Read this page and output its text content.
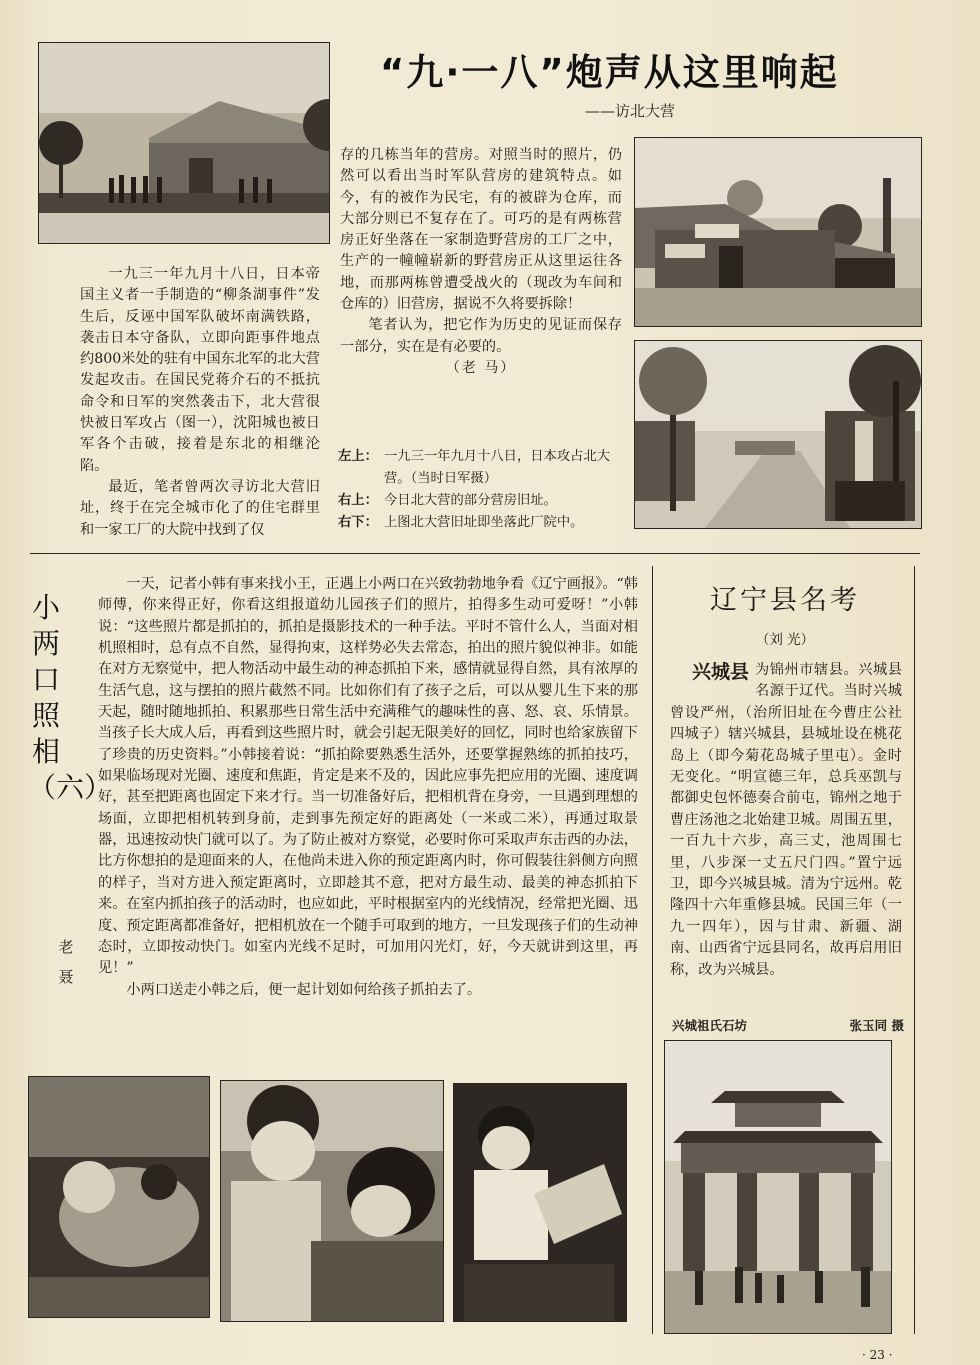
“九·一八”炮声从这里响起
——访北大营

一九三一年九月十八日，日本帝国主义者一手制造的“柳条湖事件”发生后，反诬中国军队破坏南满铁路，袭击日本守备队，立即向距事件地点约800米处的驻有中国东北军的北大营发起攻击。在国民党蒋介石的不抵抗命令和日军的突然袭击下，北大营很快被日军攻占（图一），沈阳城也被日军各个击破，接着是东北的相继沦陷。

最近，笔者曾两次寻访北大营旧址，终于在完全城市化了的住宅群里和一家工厂的大院中找到了仅

存的几栋当年的营房。对照当时的照片，仍然可以看出当时军队营房的建筑特点。如今，有的被作为民宅，有的被辟为仓库，而大部分则已不复存在了。可巧的是有两栋营房正好坐落在一家制造野营房的工厂之中，生产的一幢幢崭新的野营房正从这里运往各地，而那两栋曾遭受战火的（现改为车间和仓库的）旧营房，据说不久将要拆除！

笔者认为，把它作为历史的见证而保存一部分，实在是有必要的。

（老 马）
左上： 一九三一年九月十八日，日本攻占北大营。（当时日军摄）
右上： 今日北大营的部分营房旧址。
右下： 上图北大营旧址即坐落此厂院中。
小两口照相（六）
老聂

一天，记者小韩有事来找小王，正遇上小两口在兴致勃勃地争看《辽宁画报》。“韩师傅，你来得正好，你看这组报道幼儿园孩子们的照片，拍得多生动可爱呀！”小韩说：“这些照片都是抓拍的，抓拍是摄影技术的一种手法。平时不管什么人，当面对相机照相时，总有点不自然，显得拘束，这样势必失去常态，拍出的照片貌似神非。如能在对方无察觉中，把人物活动中最生动的神态抓拍下来，感情就显得自然，具有浓厚的生活气息，这与摆拍的照片截然不同。比如你们有了孩子之后，可以从婴儿生下来的那天起，随时随地抓拍、积累那些日常生活中充满稚气的趣味性的喜、怒、哀、乐情景。当孩子长大成人后，再看到这些照片时，就会引起无限美好的回忆，同时也给家族留下了珍贵的历史资料。”小韩接着说：“抓拍除要熟悉生活外，还要掌握熟练的抓拍技巧，如果临场现对光圈、速度和焦距，肯定是来不及的，因此应事先把应用的光圈、速度调好，甚至把距离也固定下来才行。当一切准备好后，把相机背在身旁，一旦遇到理想的场面，立即把相机转到身前，走到事先预定好的距离处（一米或二米），再通过取景器，迅速按动快门就可以了。为了防止被对方察觉，必要时你可采取声东击西的办法，比方你想拍的是迎面来的人，在他尚未进入你的预定距离内时，你可假装往斜侧方向照的样子，当对方进入预定距离时，立即趁其不意，把对方最生动、最美的神态抓拍下来。在室内抓拍孩子的活动时，也应如此，平时根据室内的光线情况，经常把光圈、迅度、预定距离都准备好，把相机放在一个随手可取到的地方，一旦发现孩子们的生动神态时，立即按动快门。如室内光线不足时，可加用闪光灯，好，今天就讲到这里，再见！”

小两口送走小韩之后，便一起计划如何给孩子抓拍去了。

辽宁县名考
（刘 光）
兴城县 为锦州市辖县。兴城县名源于辽代。当时兴城曾设严州，（治所旧址在今曹庄公社四城子）辖兴城县，县城址设在桃花岛上（即今菊花岛城子里屯）。金时无变化。“明宣德三年，总兵巫凯与都御史包怀德奏合前屯，锦州之地于曹庄汤池之北始建卫城。周围五里，一百九十六步，高三丈，池周围七里，八步深一丈五尺门四。”置宁远卫，即今兴城县城。清为宁远州。乾隆四十六年重修县城。民国三年（一九一四年），因与甘肃、新疆、湖南、山西省宁远县同名，故再启用旧称，改为兴城县。
兴城祖氏石坊	张玉同 摄
· 23 ·
